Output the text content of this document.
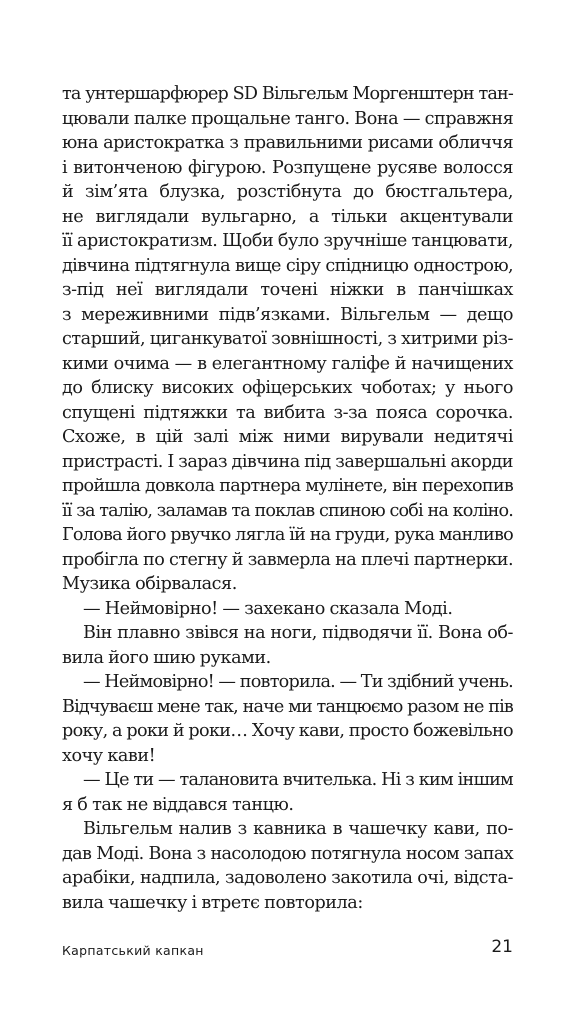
та унтершарфюрер SD Вільгельм Моргенштерн тан-
цювали палке прощальне танго. Вона — справжня
юна аристократка з правильними рисами обличчя
і витонченою фігурою. Розпущене русяве волосся
й зім’ята блузка, розстібнута до бюстгальтера,
не виглядали вульгарно, а тільки акцентували
її аристократизм. Щоби було зручніше танцювати,
дівчина підтягнула вище сіру спідницю однострою,
з-під неї виглядали точені ніжки в панчішках
з мереживними підв’язками. Вільгельм — дещо
старший, циганкуватої зовнішності, з хитрими різ-
кими очима — в елегантному галіфе й начищених
до блиску високих офіцерських чоботах; у нього
спущені підтяжки та вибита з-за пояса сорочка.
Схоже, в цій залі між ними вирували недитячі
пристрасті. І зараз дівчина під завершальні акорди
пройшла довкола партнера мулінете, він перехопив
її за талію, заламав та поклав спиною собі на коліно.
Голова його рвучко лягла їй на груди, рука манливо
пробігла по стегну й завмерла на плечі партнерки.
Музика обірвалася.
— Неймовірно! — захекано сказала Моді.
Він плавно звівся на ноги, підводячи її. Вона об-
вила його шию руками.
— Неймовірно! — повторила. — Ти здібний учень.
Відчуваєш мене так, наче ми танцюємо разом не пів
року, а роки й роки… Хочу кави, просто божевільно
хочу кави!
— Це ти — талановита вчителька. Ні з ким іншим
я б так не віддався танцю.
Вільгельм налив з кавника в чашечку кави, по-
дав Моді. Вона з насолодою потягнула носом запах
арабіки, надпила, задоволено закотила очі, відста-
вила чашечку і втретє повторила:
Карпатський капкан	21
